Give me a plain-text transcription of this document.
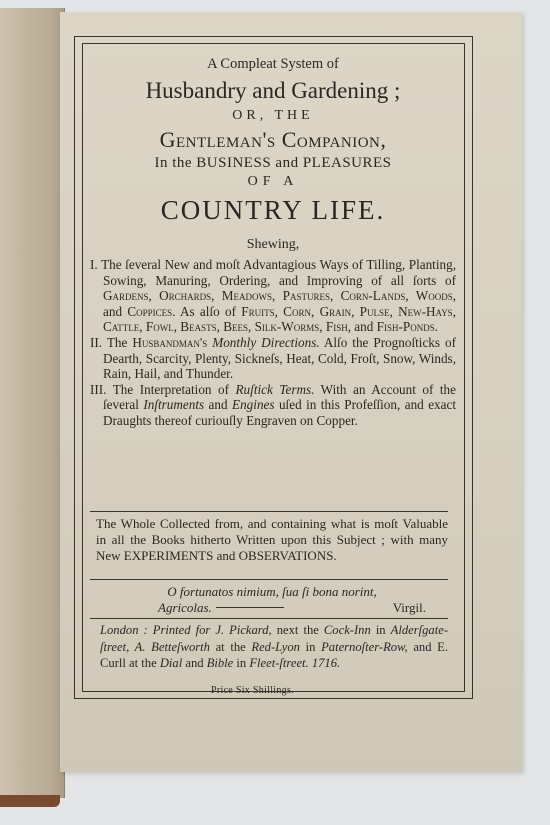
A Compleat System of
Husbandry and Gardening ;
OR, THE
Gentleman's Companion,
In the BUSINESS and PLEASURES
OF A
COUNTRY LIFE.
Shewing,
I. The ſeveral New and moſt Advantagious Ways of Tilling, Planting, Sowing, Manuring, Ordering, and Improving of all ſorts of Gardens, Orchards, Meadows, Pastures, Corn-Lands, Woods, and Coppices. As alſo of Fruits, Corn, Grain, Pulse, New-Hays, Cattle, Fowl, Beasts, Bees, Silk-Worms, Fish, and Fish-Ponds.
II. The Husbandman's Monthly Directions. Alſo the Prognoſticks of Dearth, Scarcity, Plenty, Sickneſs, Heat, Cold, Froſt, Snow, Winds, Rain, Hail, and Thunder.
III. The Interpretation of Ruſtick Terms. With an Account of the ſeveral Inſtruments and Engines uſed in this Profeſſion, and exact Draughts thereof curiouſly Engraven on Copper.
The Whole Collected from, and containing what is moſt Valuable in all the Books hitherto Written upon this Subject ; with many New EXPERIMENTS and OBSERVATIONS.
O fortunatos nimium, ſua ſi bona norint,
Agricolas.	Virgil.
London : Printed for J. Pickard, next the Cock-Inn in Alderſgate-ſtreet, A. Betteſworth at the Red-Lyon in Paternoſter-Row, and E. Curll at the Dial and Bible in Fleet-ſtreet. 1716.
Price Six Shillings.
